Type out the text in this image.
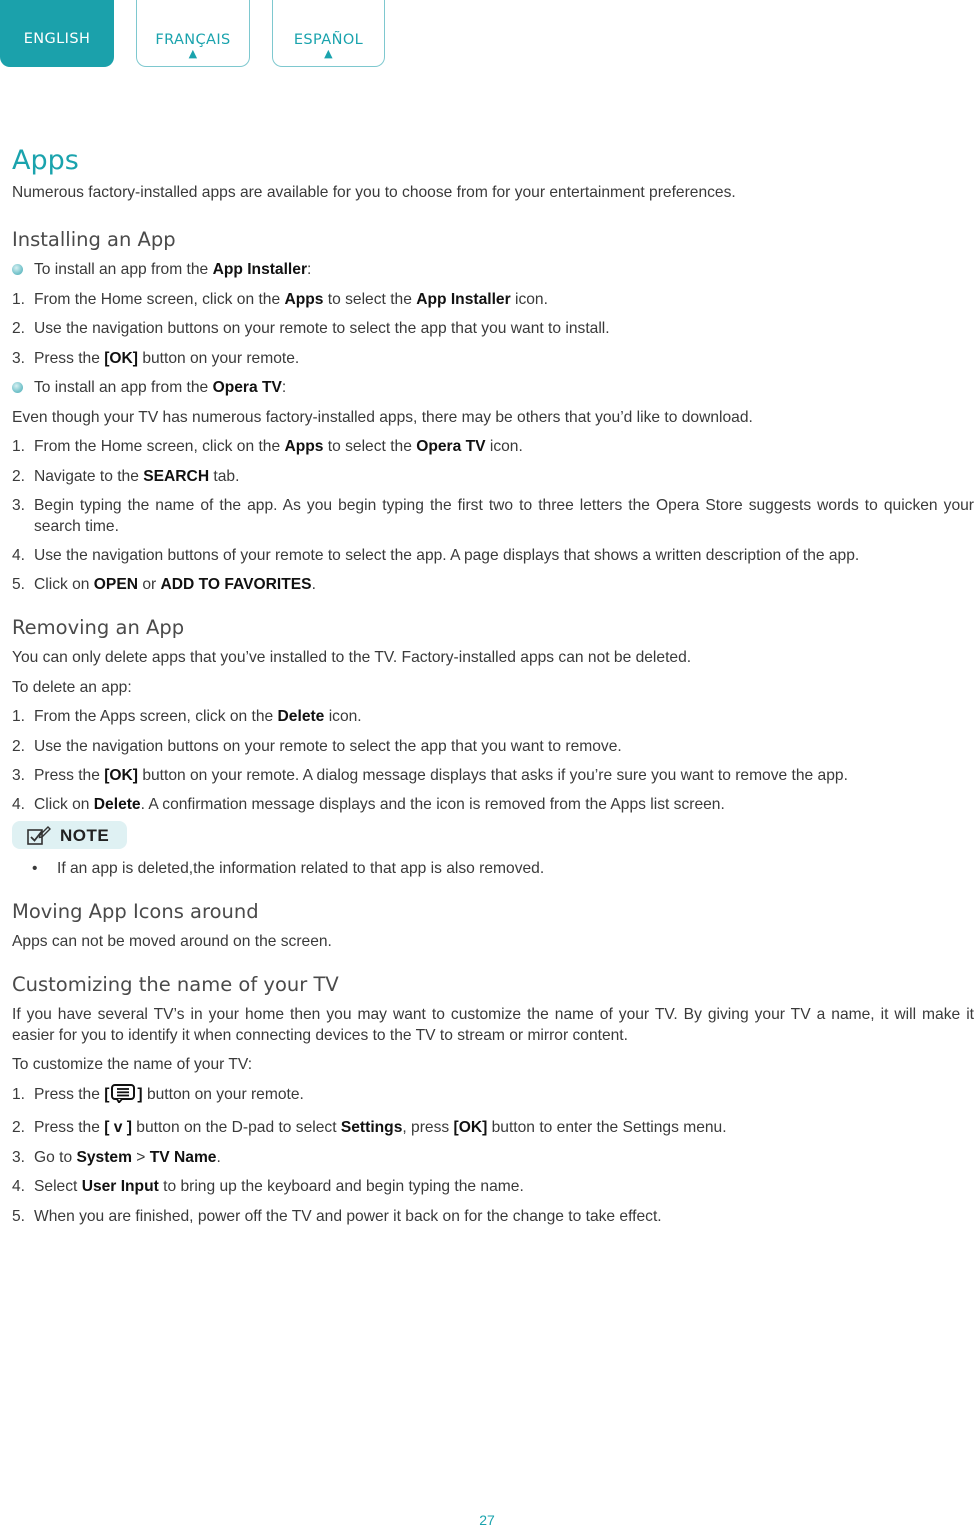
ENGLISH	FRANÇAIS
▲
ESPAÑOL
▲
Apps
Numerous factory-installed apps are available for you to choose from for your entertainment preferences.
Installing an App
To install an app from the App Installer:
1. From the Home screen, click on the Apps to select the App Installer icon.
2. Use the navigation buttons on your remote to select the app that you want to install.
3. Press the [OK] button on your remote.
To install an app from the Opera TV:
Even though your TV has numerous factory-installed apps, there may be others that you’d like to download.
1. From the Home screen, click on the Apps to select the Opera TV icon.
2. Navigate to the SEARCH tab.
3. Begin typing the name of the app. As you begin typing the first two to three letters the Opera Store suggests words to quicken your search time.
4. Use the navigation buttons of your remote to select the app. A page displays that shows a written description of the app.
5. Click on OPEN or ADD TO FAVORITES.
Removing an App
You can only delete apps that you’ve installed to the TV. Factory-installed apps can not be deleted.
To delete an app:
1. From the Apps screen, click on the Delete icon.
2. Use the navigation buttons on your remote to select the app that you want to remove.
3. Press the [OK] button on your remote. A dialog message displays that asks if you’re sure you want to remove the app.
4. Click on Delete. A confirmation message displays and the icon is removed from the Apps list screen.
NOTE
• If an app is deleted,the information related to that app is also removed.
Moving App Icons around
Apps can not be moved around on the screen.
Customizing the name of your TV
If you have several TV’s in your home then you may want to customize the name of your TV. By giving your TV a name, it will make it easier for you to identify it when connecting devices to the TV to stream or mirror content.
To customize the name of your TV:
1. Press the [ ] button on your remote.
2. Press the [ v ] button on the D-pad to select Settings, press [OK] button to enter the Settings menu.
3. Go to System > TV Name.
4. Select User Input to bring up the keyboard and begin typing the name.
5. When you are finished, power off the TV and power it back on for the change to take effect.
27
